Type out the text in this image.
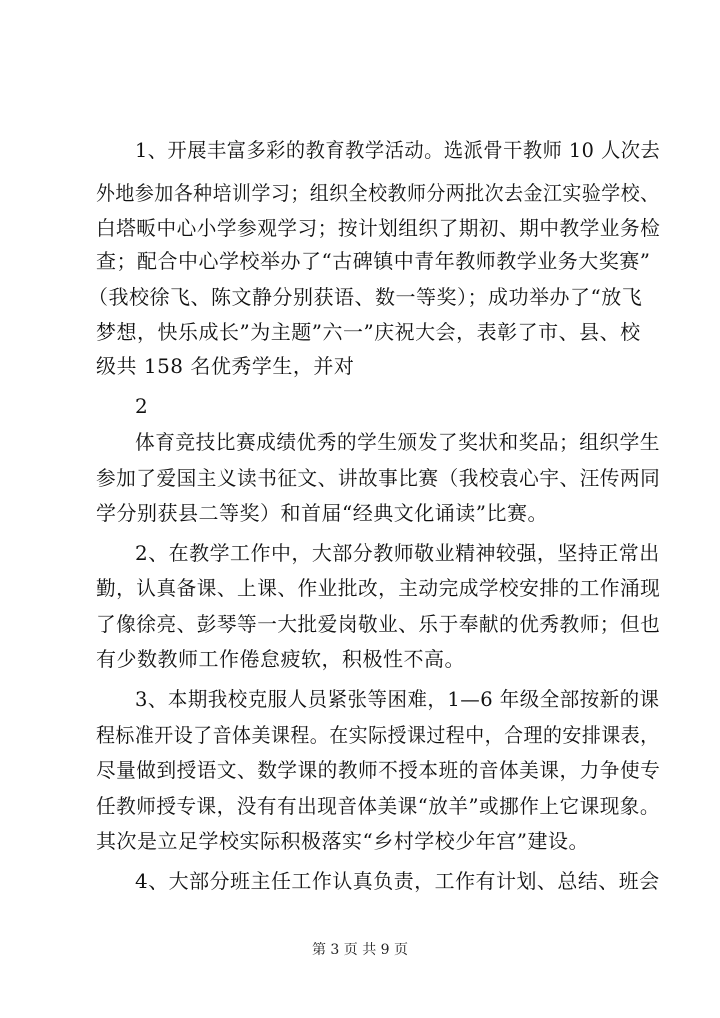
1、开展丰富多彩的教育教学活动。选派骨干教师 10 人次去
外地参加各种培训学习；组织全校教师分两批次去金江实验学校、
白塔畈中心小学参观学习；按计划组织了期初、期中教学业务检
查；配合中心学校举办了“古碑镇中青年教师教学业务大奖赛”
（我校徐飞、陈文静分别获语、数一等奖）；成功举办了“放飞
梦想，快乐成长”为主题”六一”庆祝大会，表彰了市、县、校
级共 158 名优秀学生，并对
2
体育竞技比赛成绩优秀的学生颁发了奖状和奖品；组织学生
参加了爱国主义读书征文、讲故事比赛（我校袁心宇、汪传两同
学分别获县二等奖）和首届“经典文化诵读”比赛。
2、在教学工作中，大部分教师敬业精神较强，坚持正常出
勤，认真备课、上课、作业批改，主动完成学校安排的工作涌现
了像徐亮、彭琴等一大批爱岗敬业、乐于奉献的优秀教师；但也
有少数教师工作倦怠疲软，积极性不高。
3、本期我校克服人员紧张等困难，1—6 年级全部按新的课
程标准开设了音体美课程。在实际授课过程中，合理的安排课表，
尽量做到授语文、数学课的教师不授本班的音体美课，力争使专
任教师授专课，没有有出现音体美课“放羊”或挪作上它课现象。
其次是立足学校实际积极落实“乡村学校少年宫”建设。
4、大部分班主任工作认真负责，工作有计划、总结、班会
第 3 页 共 9 页
